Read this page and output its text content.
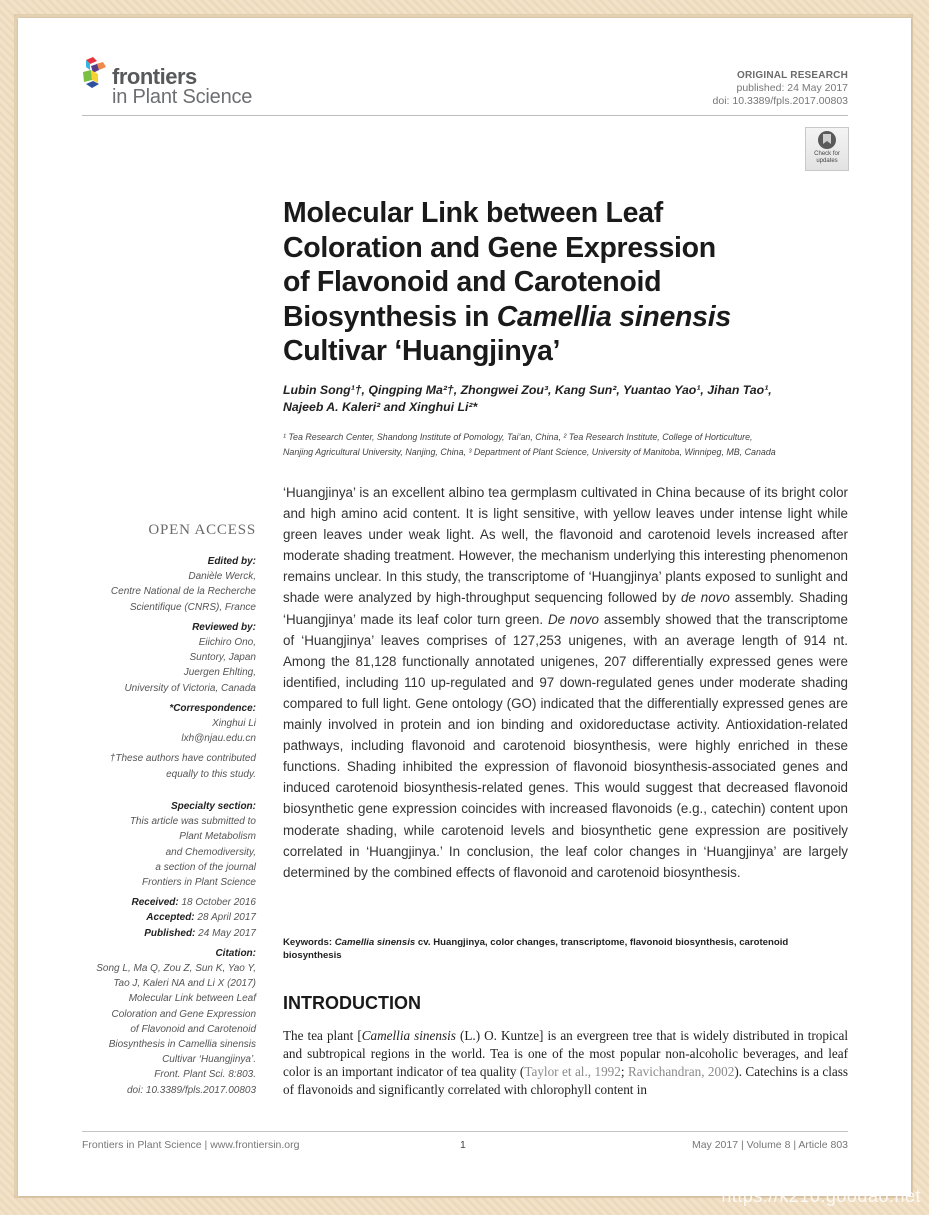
frontiers
in Plant Science
ORIGINAL RESEARCH
published: 24 May 2017
doi: 10.3389/fpls.2017.00803
Check for updates
Molecular Link between Leaf
Coloration and Gene Expression
of Flavonoid and Carotenoid
Biosynthesis in Camellia sinensis
Cultivar ‘Huangjinya’
Lubin Song¹†, Qingping Ma²†, Zhongwei Zou³, Kang Sun², Yuantao Yao¹, Jihan Tao¹,
Najeeb A. Kaleri² and Xinghui Li²*
¹ Tea Research Center, Shandong Institute of Pomology, Tai’an, China, ² Tea Research Institute, College of Horticulture,
Nanjing Agricultural University, Nanjing, China, ³ Department of Plant Science, University of Manitoba, Winnipeg, MB, Canada
‘Huangjinya’ is an excellent albino tea germplasm cultivated in China because of its bright color and high amino acid content. It is light sensitive, with yellow leaves under intense light while green leaves under weak light. As well, the flavonoid and carotenoid levels increased after moderate shading treatment. However, the mechanism underlying this interesting phenomenon remains unclear. In this study, the transcriptome of ‘Huangjinya’ plants exposed to sunlight and shade were analyzed by high-throughput sequencing followed by de novo assembly. Shading ‘Huangjinya’ made its leaf color turn green. De novo assembly showed that the transcriptome of ‘Huangjinya’ leaves comprises of 127,253 unigenes, with an average length of 914 nt. Among the 81,128 functionally annotated unigenes, 207 differentially expressed genes were identified, including 110 up-regulated and 97 down-regulated genes under moderate shading compared to full light. Gene ontology (GO) indicated that the differentially expressed genes are mainly involved in protein and ion binding and oxidoreductase activity. Antioxidation-related pathways, including flavonoid and carotenoid biosynthesis, were highly enriched in these functions. Shading inhibited the expression of flavonoid biosynthesis-associated genes and induced carotenoid biosynthesis-related genes. This would suggest that decreased flavonoid biosynthetic gene expression coincides with increased flavonoids (e.g., catechin) content upon moderate shading, while carotenoid levels and biosynthetic gene expression are positively correlated in ‘Huangjinya.’ In conclusion, the leaf color changes in ‘Huangjinya’ are largely determined by the combined effects of flavonoid and carotenoid biosynthesis.
Keywords: Camellia sinensis cv. Huangjinya, color changes, transcriptome, flavonoid biosynthesis, carotenoid biosynthesis
INTRODUCTION
The tea plant [Camellia sinensis (L.) O. Kuntze] is an evergreen tree that is widely distributed in tropical and subtropical regions in the world. Tea is one of the most popular non-alcoholic beverages, and leaf color is an important indicator of tea quality (Taylor et al., 1992; Ravichandran, 2002). Catechins is a class of flavonoids and significantly correlated with chlorophyll content in
OPEN ACCESS
Edited by:
Danièle Werck,
Centre National de la Recherche
Scientifique (CNRS), France
Reviewed by:
Eiichiro Ono,
Suntory, Japan
Juergen Ehlting,
University of Victoria, Canada
*Correspondence:
Xinghui Li
lxh@njau.edu.cn
†These authors have contributed
equally to this study.
Specialty section:
This article was submitted to
Plant Metabolism
and Chemodiversity,
a section of the journal
Frontiers in Plant Science
Received: 18 October 2016
Accepted: 28 April 2017
Published: 24 May 2017
Citation:
Song L, Ma Q, Zou Z, Sun K, Yao Y,
Tao J, Kaleri NA and Li X (2017)
Molecular Link between Leaf
Coloration and Gene Expression
of Flavonoid and Carotenoid
Biosynthesis in Camellia sinensis
Cultivar ‘Huangjinya’.
Front. Plant Sci. 8:803.
doi: 10.3389/fpls.2017.00803
Frontiers in Plant Science | www.frontiersin.org	1	May 2017 | Volume 8 | Article 803
https://k210.goodao.net
